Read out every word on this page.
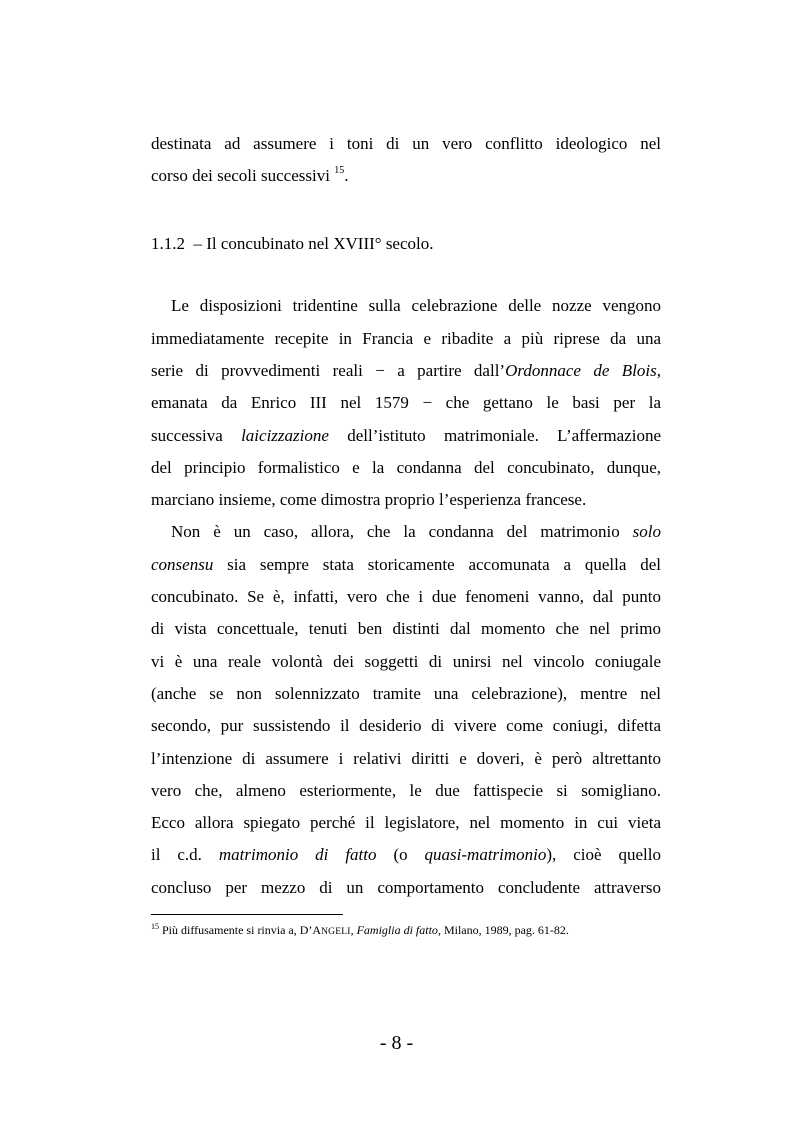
destinata ad assumere i toni di un vero conflitto ideologico nel
corso dei secoli successivi $^{15}$.
1.1.2  – Il concubinato nel XVIII° secolo.
Le disposizioni tridentine sulla celebrazione delle nozze vengono
immediatamente recepite in Francia e ribadite a più riprese da una
serie di provvedimenti reali − a partire dall’Ordonnace de Blois,
emanata da Enrico III nel 1579 − che gettano le basi per la
successiva laicizzazione dell’istituto matrimoniale. L’affermazione
del principio formalistico e la condanna del concubinato, dunque,
marciano insieme, come dimostra proprio l’esperienza francese.
Non è un caso, allora, che la condanna del matrimonio solo
consensu sia sempre stata storicamente accomunata a quella del
concubinato. Se è, infatti, vero che i due fenomeni vanno, dal punto
di vista concettuale, tenuti ben distinti dal momento che nel primo
vi è una reale volontà dei soggetti di unirsi nel vincolo coniugale
(anche se non solennizzato tramite una celebrazione), mentre nel
secondo, pur sussistendo il desiderio di vivere come coniugi, difetta
l’intenzione di assumere i relativi diritti e doveri, è però altrettanto
vero che, almeno esteriormente, le due fattispecie si somigliano.
Ecco allora spiegato perché il legislatore, nel momento in cui vieta
il c.d. matrimonio di fatto (o quasi-matrimonio), cioè quello
concluso per mezzo di un comportamento concludente attraverso
$^{15}$ Più diffusamente si rinvia a, D’ANGELI, Famiglia di fatto, Milano, 1989, pag. 61-82.
- 8 -
